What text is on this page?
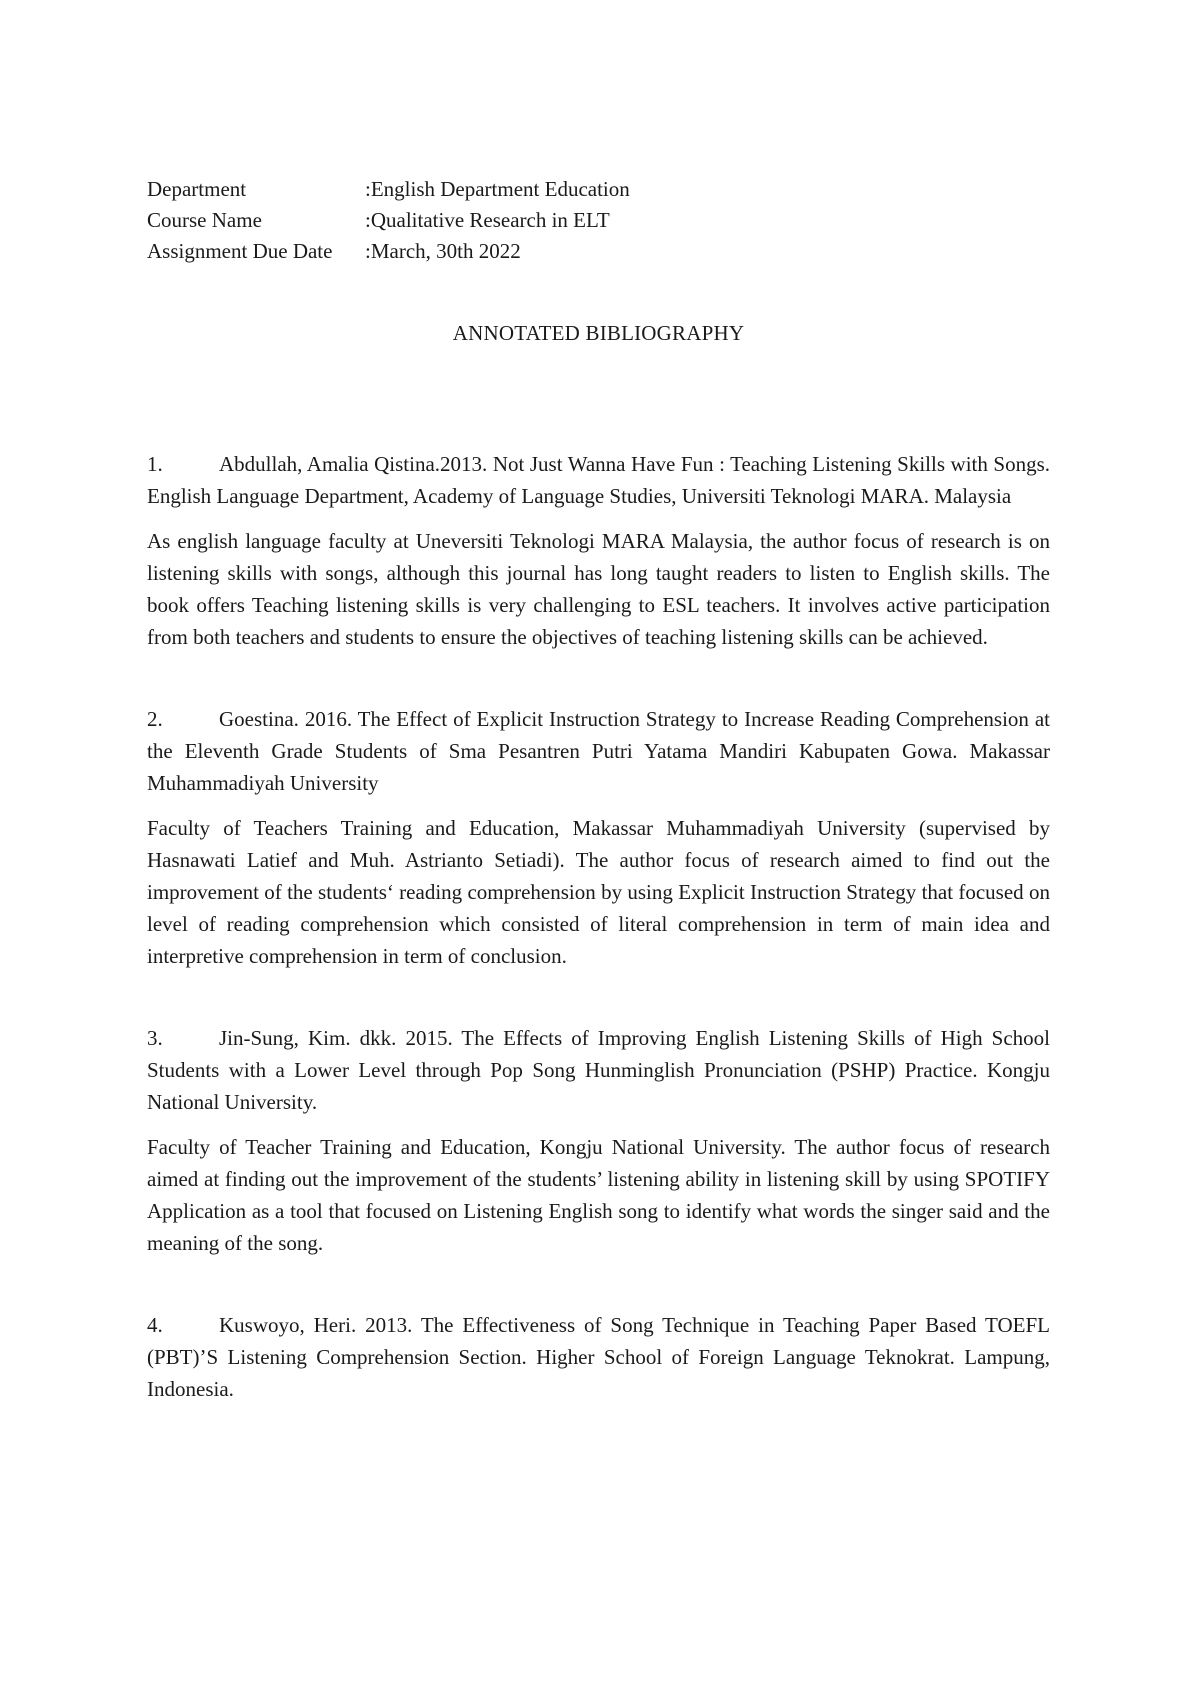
Department	:English Department Education
Course Name	:Qualitative Research in ELT
Assignment Due Date	:March, 30th 2022
ANNOTATED BIBLIOGRAPHY

1.	Abdullah, Amalia Qistina.2013. Not Just Wanna Have Fun : Teaching Listening Skills with Songs. English Language Department, Academy of Language Studies, Universiti Teknologi MARA. Malaysia

As english language faculty at Uneversiti Teknologi MARA Malaysia, the author focus of research is on listening skills with songs, although this journal has long taught readers to listen to English skills. The book offers Teaching listening skills is very challenging to ESL teachers. It involves active participation from both teachers and students to ensure the objectives of teaching listening skills can be achieved.

2.	Goestina. 2016. The Effect of Explicit Instruction Strategy to Increase Reading Comprehension at the Eleventh Grade Students of Sma Pesantren Putri Yatama Mandiri Kabupaten Gowa. Makassar Muhammadiyah University

Faculty of Teachers Training and Education, Makassar Muhammadiyah University (supervised by Hasnawati Latief and Muh. Astrianto Setiadi). The author focus of research aimed to find out the improvement of the students‘ reading comprehension by using Explicit Instruction Strategy that focused on level of reading comprehension which consisted of literal comprehension in term of main idea and interpretive comprehension in term of conclusion.

3.	Jin-Sung, Kim. dkk. 2015. The Effects of Improving English Listening Skills of High School Students with a Lower Level through Pop Song Hunminglish Pronunciation (PSHP) Practice. Kongju National University.

Faculty of Teacher Training and Education, Kongju National University. The author focus of research aimed at finding out the improvement of the students’ listening ability in listening skill by using SPOTIFY Application as a tool that focused on Listening English song to identify what words the singer said and the meaning of the song.

4.	Kuswoyo, Heri. 2013. The Effectiveness of Song Technique in Teaching Paper Based TOEFL (PBT)’S Listening Comprehension Section. Higher School of Foreign Language Teknokrat. Lampung, Indonesia.
